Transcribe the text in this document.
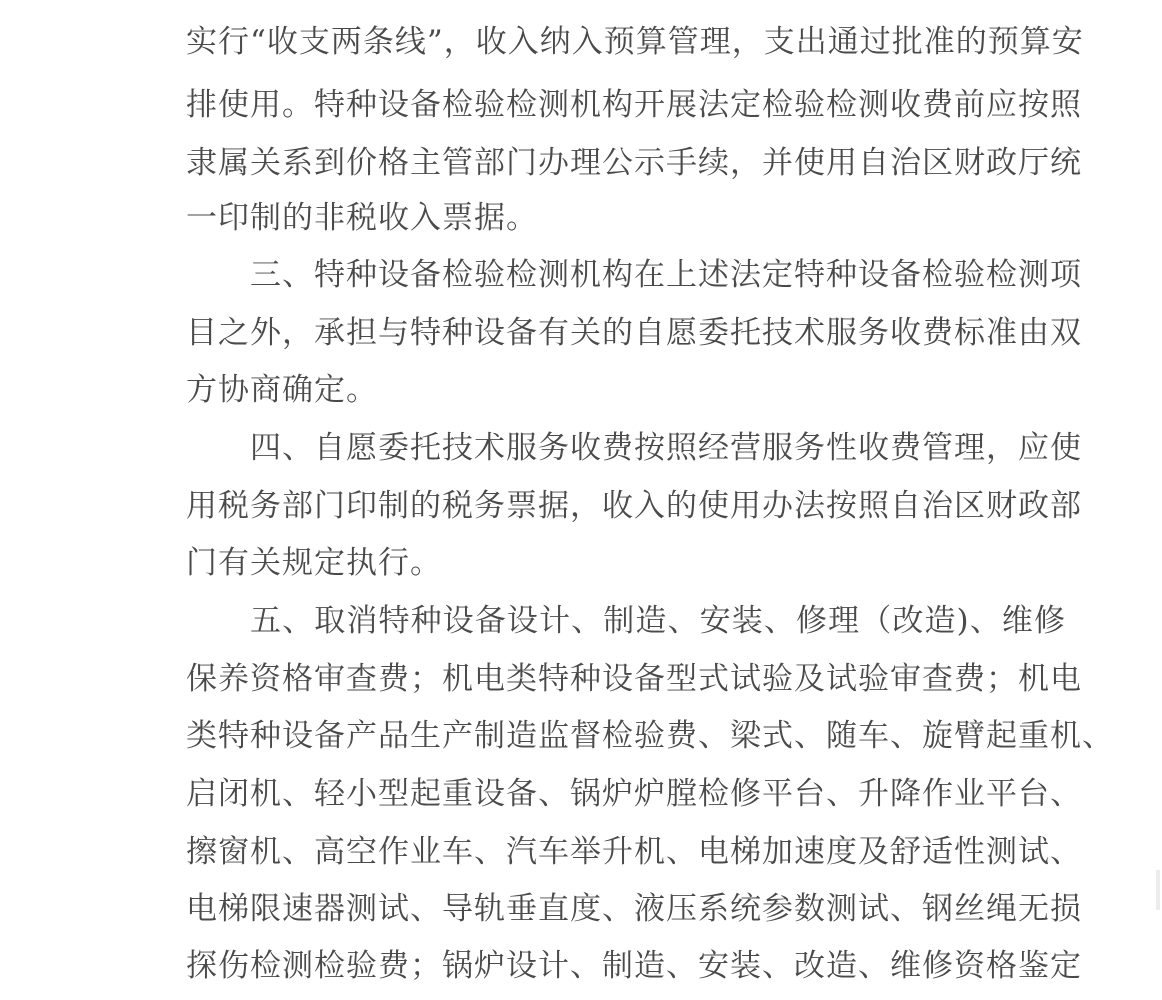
实行“收支两条线”，收入纳入预算管理，支出通过批准的预算安
排使用。特种设备检验检测机构开展法定检验检测收费前应按照
隶属关系到价格主管部门办理公示手续，并使用自治区财政厅统
一印制的非税收入票据。
三、特种设备检验检测机构在上述法定特种设备检验检测项
目之外，承担与特种设备有关的自愿委托技术服务收费标准由双
方协商确定。
四、自愿委托技术服务收费按照经营服务性收费管理，应使
用税务部门印制的税务票据，收入的使用办法按照自治区财政部
门有关规定执行。
五、取消特种设备设计、制造、安装、修理（改造)、维修
保养资格审查费；机电类特种设备型式试验及试验审查费；机电
类特种设备产品生产制造监督检验费、梁式、随车、旋臂起重机、
启闭机、轻小型起重设备、锅炉炉膛检修平台、升降作业平台、
擦窗机、高空作业车、汽车举升机、电梯加速度及舒适性测试、
电梯限速器测试、导轨垂直度、液压系统参数测试、钢丝绳无损
探伤检测检验费；锅炉设计、制造、安装、改造、维修资格鉴定
